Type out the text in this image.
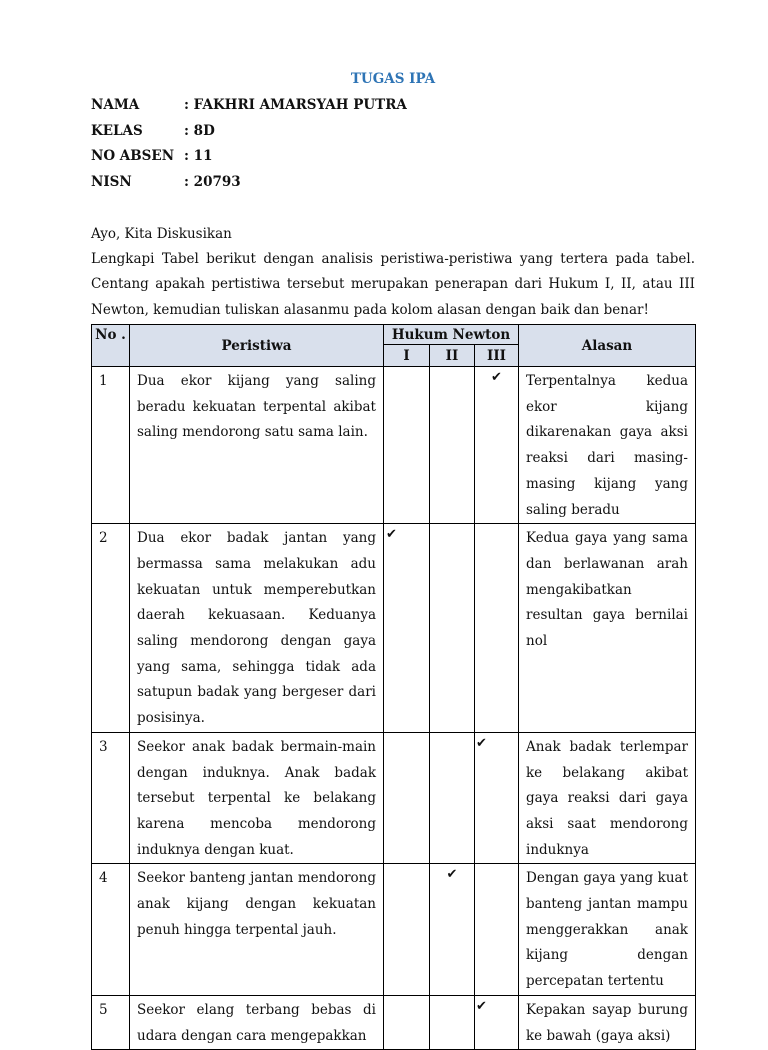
TUGAS IPA
NAMA	: FAKHRI AMARSYAH PUTRA
KELAS	: 8D
NO ABSEN : 11
NISN	: 20793
Ayo, Kita Diskusikan
Lengkapi Tabel berikut dengan analisis peristiwa-peristiwa yang tertera pada tabel. Centang apakah pertistiwa tersebut merupakan penerapan dari Hukum I, II, atau III Newton, kemudian tuliskan alasanmu pada kolom alasan dengan baik dan benar!
No .	Peristiwa	Hukum Newton			Alasan
		I	II	III	
1	Dua ekor kijang yang saling beradu kekuatan terpental akibat saling mendorong satu sama lain.			✔	Terpentalnya kedua ekor kijang dikarenakan gaya aksi reaksi dari masing-masing kijang yang saling beradu
2	Dua ekor badak jantan yang bermassa sama melakukan adu kekuatan untuk memperebutkan daerah kekuasaan. Keduanya saling mendorong dengan gaya yang sama, sehingga tidak ada satupun badak yang bergeser dari posisinya.	✔			Kedua gaya yang sama dan berlawanan arah mengakibatkan resultan gaya bernilai nol
3	Seekor anak badak bermain-main dengan induknya. Anak badak tersebut terpental ke belakang karena mencoba mendorong induknya dengan kuat.			✔	Anak badak terlempar ke belakang akibat gaya reaksi dari gaya aksi saat mendorong induknya
4	Seekor banteng jantan mendorong anak kijang dengan kekuatan penuh hingga terpental jauh.		✔		Dengan gaya yang kuat banteng jantan mampu menggerakkan anak kijang dengan percepatan tertentu
5	Seekor elang terbang bebas di udara dengan cara mengepakkan			✔	Kepakan sayap burung ke bawah (gaya aksi)
